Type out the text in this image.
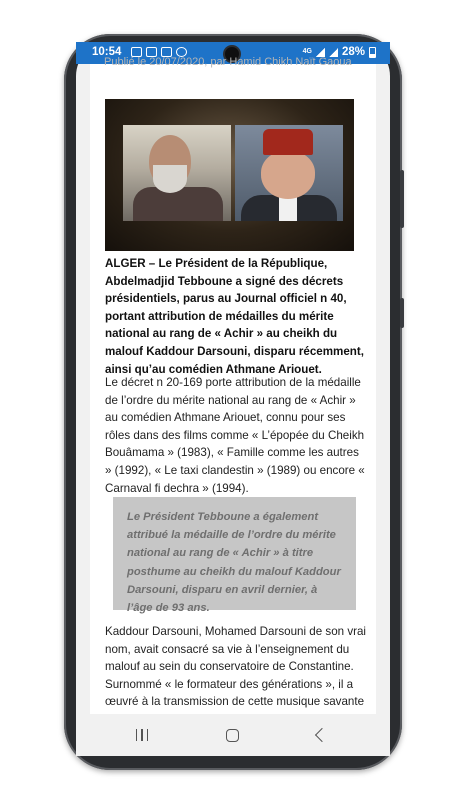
10:54	4G	28%
Publié le 20/07/2020, par Hamid Chikh Naït Gaoua
ALGER – Le Président de la République, Abdelmadjid Tebboune a signé des décrets présidentiels, parus au Journal officiel n 40, portant attribution de médailles du mérite national au rang de « Achir » au cheikh du malouf Kaddour Darsouni, disparu récemment, ainsi qu’au comédien Athmane Ariouet.
Le décret n 20-169 porte attribution de la médaille de l’ordre du mérite national au rang de « Achir » au comédien Athmane Ariouet, connu pour ses rôles dans des films comme « L’épopée du Cheikh Bouâmama » (1983), « Famille comme les autres » (1992), « Le taxi clandestin » (1989) ou encore « Carnaval fi dechra » (1994).
Le Président Tebboune a également attribué la médaille de l’ordre du mérite national au rang de « Achir » à titre posthume au cheikh du malouf Kaddour Darsouni, disparu en avril dernier, à l’âge de 93 ans.
Kaddour Darsouni, Mohamed Darsouni de son vrai nom, avait consacré sa vie à l’enseignement du malouf au sein du conservatoire de Constantine. Surnommé « le formateur des générations », il a œuvré à la transmission de cette musique savante
